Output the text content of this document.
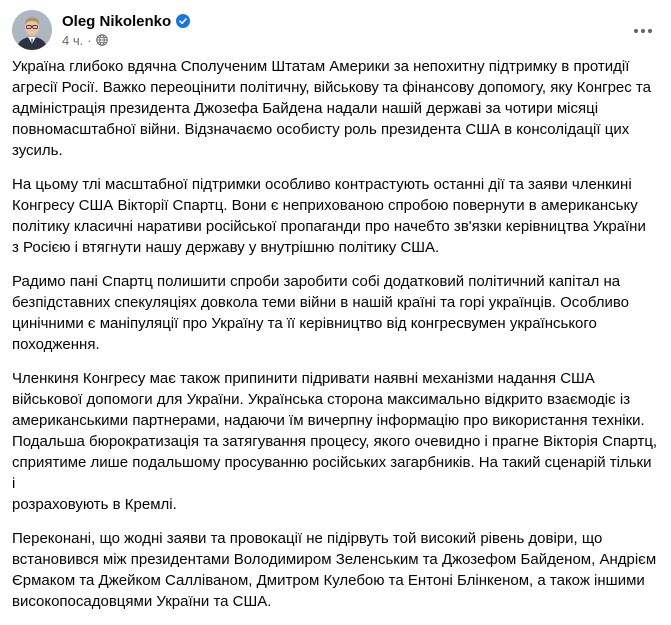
Oleg Nikolenko
4 ч. ·

Україна глибоко вдячна Сполученим Штатам Америки за непохитну підтримку в протидії
агресії Росії. Важко переоцінити політичну, військову та фінансову допомогу, яку Конгрес та
адміністрація президента Джозефа Байдена надали нашій державі за чотири місяці
повномасштабної війни. Відзначаємо особисту роль президента США в консолідації цих
зусиль.

На цьому тлі масштабної підтримки особливо контрастують останні дії та заяви членкині
Конгресу США Вікторії Спартц. Вони є неприхованою спробою повернути в американську
політику класичні наративи російської пропаганди про начебто зв'язки керівництва України
з Росією і втягнути нашу державу у внутрішню політику США.

Радимо пані Спартц полишити спроби заробити собі додатковий політичний капітал на
безпідставних спекуляціях довкола теми війни в нашій країні та горі українців. Особливо
цинічними є маніпуляції про Україну та її керівництво від конгресвумен українського
походження.

Членкиня Конгресу має також припинити підривати наявні механізми надання США
військової допомоги для України. Українська сторона максимально відкрито взаємодіє із
американськими партнерами, надаючи їм вичерпну інформацію про використання техніки.
Подальша бюрократизація та затягування процесу, якого очевидно і прагне Вікторія Спартц,
сприятиме лише подальшому просуванню російських загарбників. На такий сценарій тільки і
розраховують в Кремлі.

Переконані, що жодні заяви та провокації не підірвуть той високий рівень довіри, що
встановився між президентами Володимиром Зеленським та Джозефом Байденом, Андрієм
Єрмаком та Джейком Салліваном, Дмитром Кулебою та Ентоні Блінкеном, а також іншими
високопосадовцями України та США.
